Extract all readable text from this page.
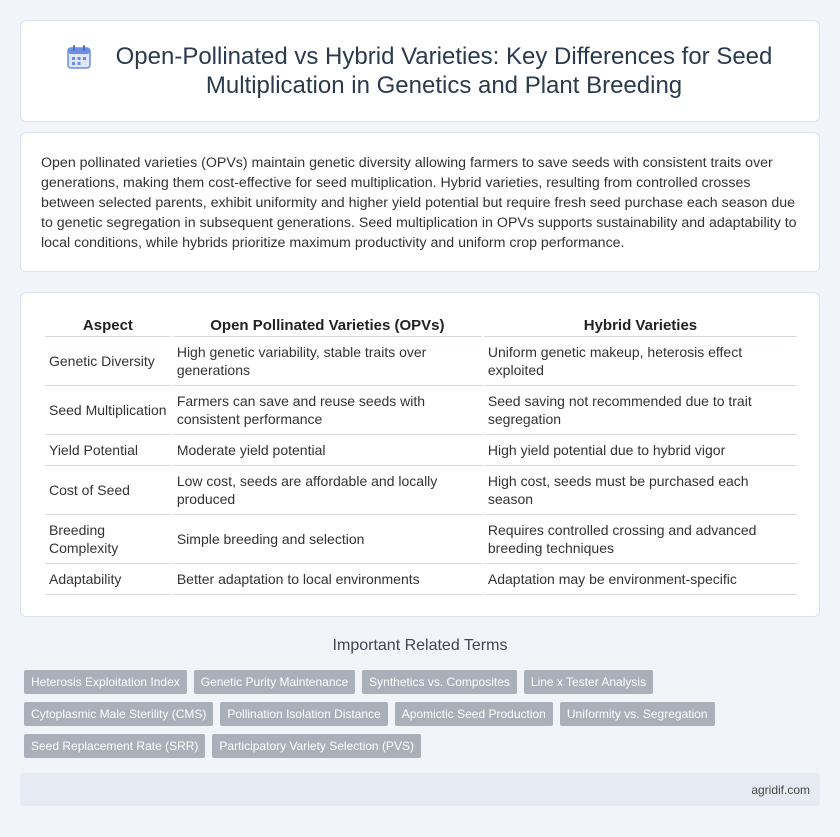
Open-Pollinated vs Hybrid Varieties: Key Differences for Seed Multiplication in Genetics and Plant Breeding

Open pollinated varieties (OPVs) maintain genetic diversity allowing farmers to save seeds with consistent traits over generations, making them cost-effective for seed multiplication. Hybrid varieties, resulting from controlled crosses between selected parents, exhibit uniformity and higher yield potential but require fresh seed purchase each season due to genetic segregation in subsequent generations. Seed multiplication in OPVs supports sustainability and adaptability to local conditions, while hybrids prioritize maximum productivity and uniform crop performance.

Aspect	Open Pollinated Varieties (OPVs)	Hybrid Varieties
Genetic Diversity	High genetic variability, stable traits over generations	Uniform genetic makeup, heterosis effect exploited
Seed Multiplication	Farmers can save and reuse seeds with consistent performance	Seed saving not recommended due to trait segregation
Yield Potential	Moderate yield potential	High yield potential due to hybrid vigor
Cost of Seed	Low cost, seeds are affordable and locally produced	High cost, seeds must be purchased each season
Breeding Complexity	Simple breeding and selection	Requires controlled crossing and advanced breeding techniques
Adaptability	Better adaptation to local environments	Adaptation may be environment-specific
Important Related Terms
Heterosis Exploitation Index	Genetic Purity Maintenance	Synthetics vs. Composites	Line x Tester Analysis
Cytoplasmic Male Sterility (CMS)	Pollination Isolation Distance	Apomictic Seed Production	Uniformity vs. Segregation
Seed Replacement Rate (SRR)	Participatory Variety Selection (PVS)
agridif.com
